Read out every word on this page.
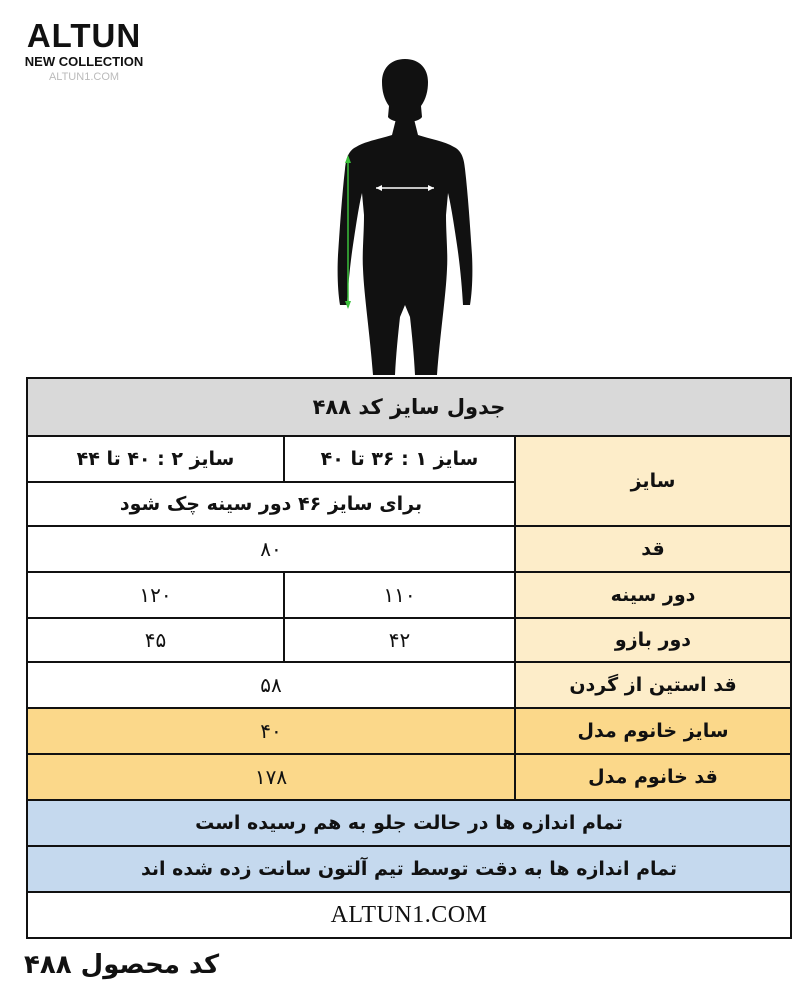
ALTUN
NEW COLLECTION
ALTUN1.COM
جدول سایز کد ۴۸۸		
سایز ۲ : ۴۰ تا ۴۴	سایز ۱ : ۳۶ تا ۴۰	سایز
برای سایز ۴۶ دور سینه چک شود		
۸۰		قد
۱۲۰	۱۱۰	دور سینه
۴۵	۴۲	دور بازو
۵۸		قد استین از گردن
۴۰		سایز خانوم مدل
۱۷۸		قد خانوم مدل
تمام اندازه ها در حالت جلو به هم رسیده است		
تمام اندازه ها به دقت توسط تیم آلتون سانت زده شده اند		
ALTUN1.COM		
کد محصول ۴۸۸
